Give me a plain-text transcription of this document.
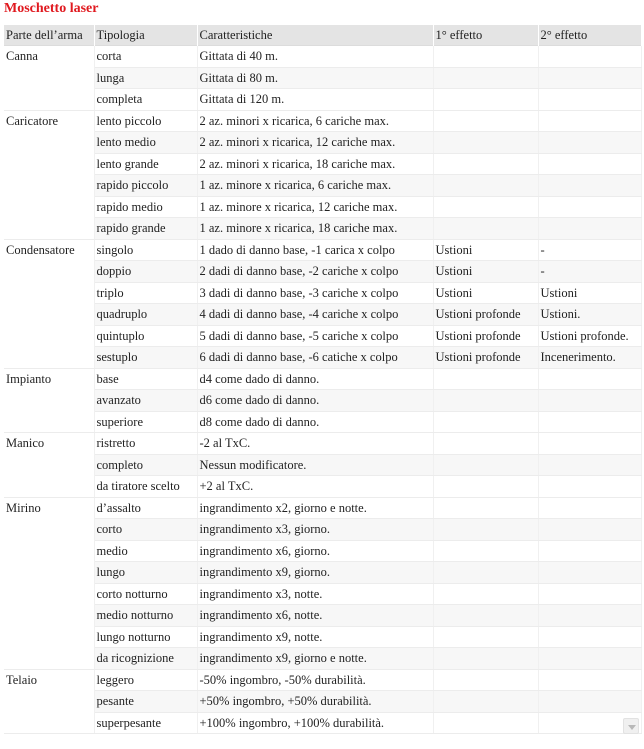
Moschetto laser
Parte dell’arma	Tipologia	Caratteristiche	1° effetto	2° effetto
Canna	corta	Gittata di 40 m.		
	lunga	Gittata di 80 m.		
	completa	Gittata di 120 m.		
Caricatore	lento piccolo	2 az. minori x ricarica, 6 cariche max.		
	lento medio	2 az. minori x ricarica, 12 cariche max.		
	lento grande	2 az. minori x ricarica, 18 cariche max.		
	rapido piccolo	1 az. minore x ricarica, 6 cariche max.		
	rapido medio	1 az. minore x ricarica, 12 cariche max.		
	rapido grande	1 az. minore x ricarica, 18 cariche max.		
Condensatore	singolo	1 dado di danno base, -1 carica x colpo	Ustioni	-
	doppio	2 dadi di danno base, -2 cariche x colpo	Ustioni	-
	triplo	3 dadi di danno base, -3 cariche x colpo	Ustioni	Ustioni
	quadruplo	4 dadi di danno base, -4 cariche x colpo	Ustioni profonde	Ustioni.
	quintuplo	5 dadi di danno base, -5 cariche x colpo	Ustioni profonde	Ustioni profonde.
	sestuplo	6 dadi di danno base, -6 catiche x colpo	Ustioni profonde	Incenerimento.
Impianto	base	d4 come dado di danno.		
	avanzato	d6 come dado di danno.		
	superiore	d8 come dado di danno.		
Manico	ristretto	-2 al TxC.		
	completo	Nessun modificatore.		
	da tiratore scelto	+2 al TxC.		
Mirino	d’assalto	ingrandimento x2, giorno e notte.		
	corto	ingrandimento x3, giorno.		
	medio	ingrandimento x6, giorno.		
	lungo	ingrandimento x9, giorno.		
	corto notturno	ingrandimento x3, notte.		
	medio notturno	ingrandimento x6, notte.		
	lungo notturno	ingrandimento x9, notte.		
	da ricognizione	ingrandimento x9, giorno e notte.		
Telaio	leggero	-50% ingombro, -50% durabilità.		
	pesante	+50% ingombro, +50% durabilità.		
	superpesante	+100% ingombro, +100% durabilità.		
